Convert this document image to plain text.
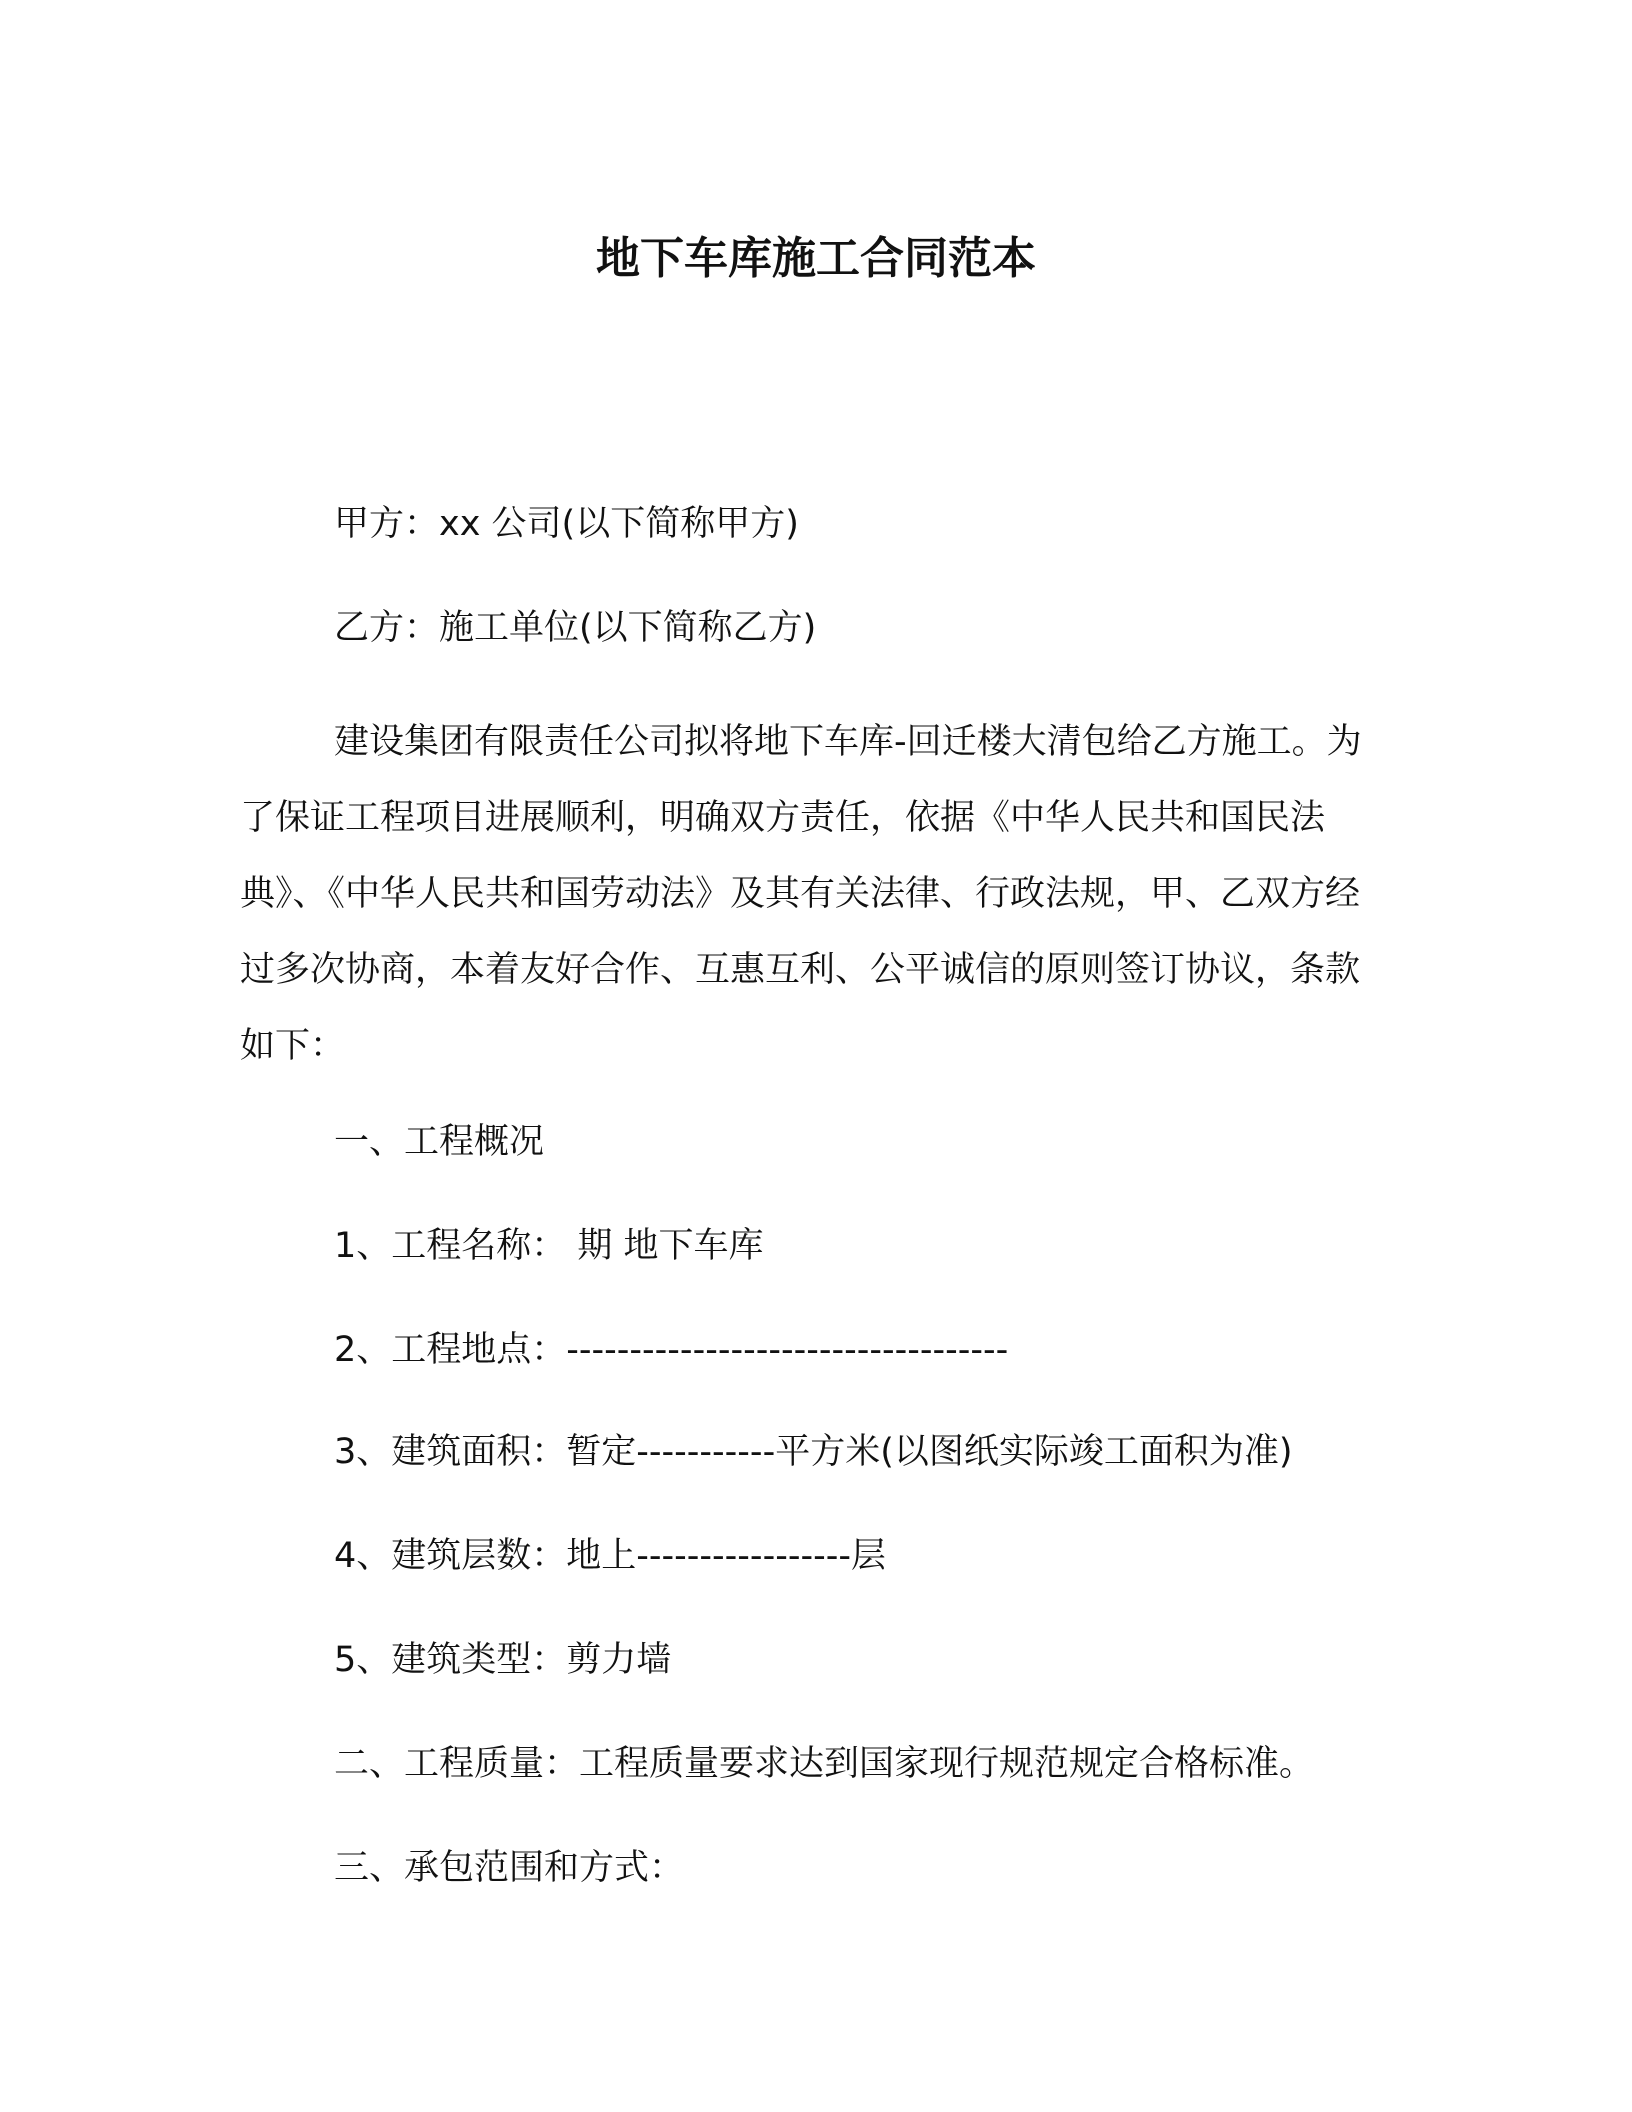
地下车库施工合同范本

甲方：xx 公司(以下简称甲方)

乙方：施工单位(以下简称乙方)

建设集团有限责任公司拟将地下车库-回迁楼大清包给乙方施工。为了保证工程项目进展顺利，明确双方责任，依据《中华人民共和国民法典》、《中华人民共和国劳动法》及其有关法律、行政法规，甲、乙双方经过多次协商，本着友好合作、互惠互利、公平诚信的原则签订协议，条款如下：

一、工程概况

1、工程名称： 期 地下车库

2、工程地点：-----------------------------------

3、建筑面积：暂定-----------平方米(以图纸实际竣工面积为准)

4、建筑层数：地上-----------------层

5、建筑类型：剪力墙

二、工程质量：工程质量要求达到国家现行规范规定合格标准。

三、承包范围和方式：
